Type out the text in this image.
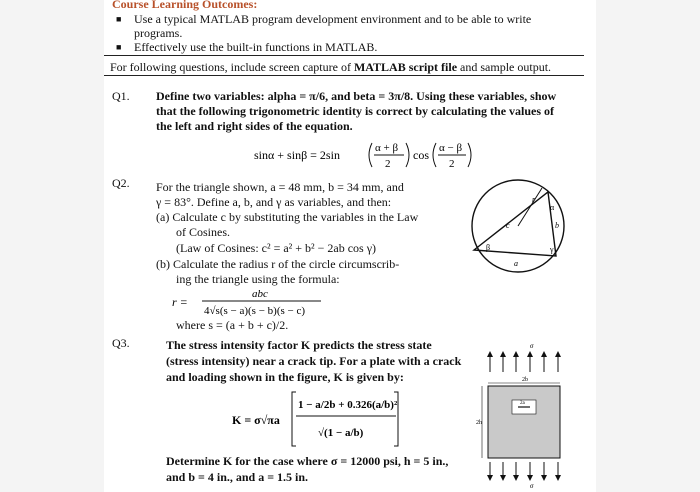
Course Learning Outcomes:
■ Use a typical MATLAB program development environment and to be able to write
programs.
■ Effectively use the built-in functions in MATLAB.
For following questions, include screen capture of MATLAB script file and sample output.
Q1. Define two variables: alpha = π/6, and beta = 3π/8. Using these variables, show
that the following trigonometric identity is correct by calculating the values of
the left and right sides of the equation.
sinα + sinβ = 2sin	α + β
2
cos α − β
2
Q2. For the triangle shown, a = 48 mm, b = 34 mm, and
γ = 83°. Define a, b, and γ as variables, and then:
(a) Calculate c by substituting the variables in the Law
of Cosines.
(Law of Cosines: c² = a² + b² − 2ab cos γ)
(b) Calculate the radius r of the circle circumscrib-
ing the triangle using the formula:
r =
abc
4√s(s − a)(s − b)(s − c)
where s = (a + b + c)/2.
r
α
b
c
β	γ
a
Q3.	The stress intensity factor K predicts the stress state
(stress intensity) near a crack tip. For a plate with a crack
and loading shown in the figure, K is given by:
K = σ√πa
1 − a/2b + 0.326(a/b)²
√(1 − a/b)
Determine K for the case where σ = 12000 psi, h = 5 in.,
and b = 4 in., and a = 1.5 in.
σ
2b
2h
2a
σ
